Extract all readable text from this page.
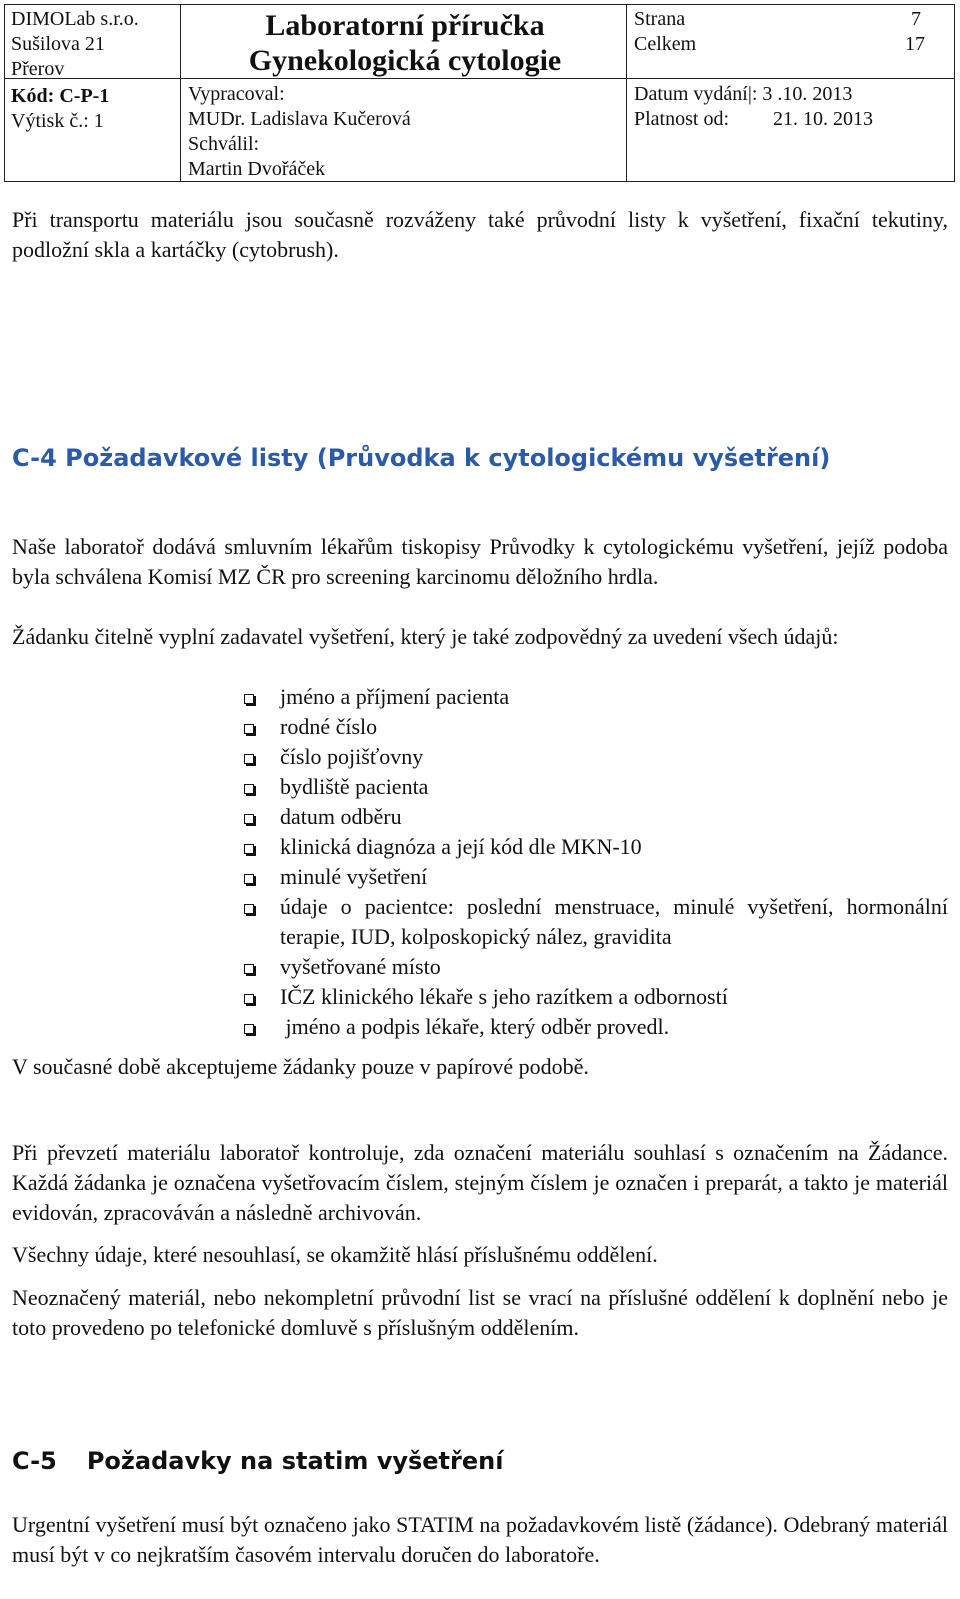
DIMOLab s.r.o.
Sušilova 21
Přerov
Kód: C-P-1
Výtisk č.: 1
Laboratorní příručka
Gynekologická cytologie
Vypracoval:
MUDr. Ladislava Kučerová
Schválil:
Martin Dvořáček
Strana	7
Celkem	17
Datum vydání|: 3 .10. 2013
Platnost od: 21. 10. 2013

Při transportu materiálu jsou současně rozváženy také průvodní listy k vyšetření, fixační tekutiny, podložní skla a kartáčky (cytobrush).

C-4 Požadavkové listy (Průvodka k cytologickému vyšetření)

Naše laboratoř dodává smluvním lékařům tiskopisy Průvodky k cytologickému vyšetření, jejíž podoba byla schválena Komisí MZ ČR pro screening karcinomu děložního hrdla.

Žádanku čitelně vyplní zadavatel vyšetření, který je také zodpovědný za uvedení všech údajů:

jméno a příjmení pacienta
rodné číslo
číslo pojišťovny
bydliště pacienta
datum odběru
klinická diagnóza a její kód dle MKN-10
minulé vyšetření
údaje o pacientce: poslední menstruace, minulé vyšetření, hormonální terapie, IUD, kolposkopický nález, gravidita
vyšetřované místo
IČZ klinického lékaře s jeho razítkem a odborností
jméno a podpis lékaře, který odběr provedl.

V současné době akceptujeme žádanky pouze v papírové podobě.

Při převzetí materiálu laboratoř kontroluje, zda označení materiálu souhlasí s označením na Žádance. Každá žádanka je označena vyšetřovacím číslem, stejným číslem je označen i preparát, a takto je materiál evidován, zpracováván a následně archivován.

Všechny údaje, které nesouhlasí, se okamžitě hlásí příslušnému oddělení.

Neoznačený materiál, nebo nekompletní průvodní list se vrací na příslušné oddělení k doplnění nebo je toto provedeno po telefonické domluvě s příslušným oddělením.

C-5 Požadavky na statim vyšetření

Urgentní vyšetření musí být označeno jako STATIM na požadavkovém listě (žádance). Odebraný materiál musí být v co nejkratším časovém intervalu doručen do laboratoře.
